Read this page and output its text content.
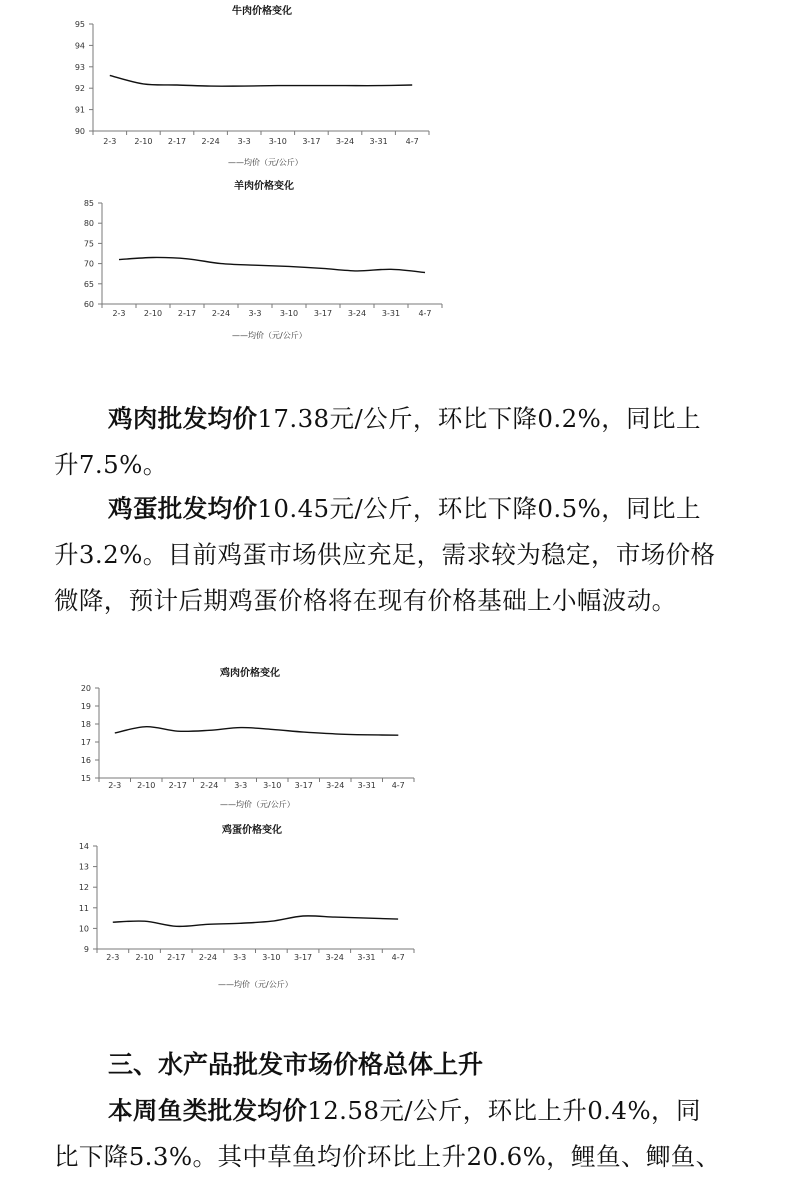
牛肉价格变化
90
91
92
93
94
95
2-3 2-10 2-17 2-24 3-3 3-10 3-17 3-24 3-31 4-7
——均价（元/公斤）
羊肉价格变化
60
65
70
75
80
85
2-3 2-10 2-17 2-24 3-3 3-10 3-17 3-24 3-31 4-7
——均价（元/公斤）
鸡肉价格变化
15
16
17
18
19
20
2-3 2-10 2-17 2-24 3-3 3-10 3-17 3-24 3-31 4-7
——均价（元/公斤）
鸡蛋价格变化
9
10
11
12
13
14
2-3 2-10 2-17 2-24 3-3 3-10 3-17 3-24 3-31 4-7
——均价（元/公斤）
鸡肉批发均价17.38元/公斤，环比下降0.2%，同比上
升7.5%。
鸡蛋批发均价10.45元/公斤，环比下降0.5%，同比上
升3.2%。目前鸡蛋市场供应充足，需求较为稳定，市场价格
微降，预计后期鸡蛋价格将在现有价格基础上小幅波动。
三、水产品批发市场价格总体上升
本周鱼类批发均价12.58元/公斤，环比上升0.4%，同
比下降5.3%。其中草鱼均价环比上升20.6%，鲤鱼、鲫鱼、
